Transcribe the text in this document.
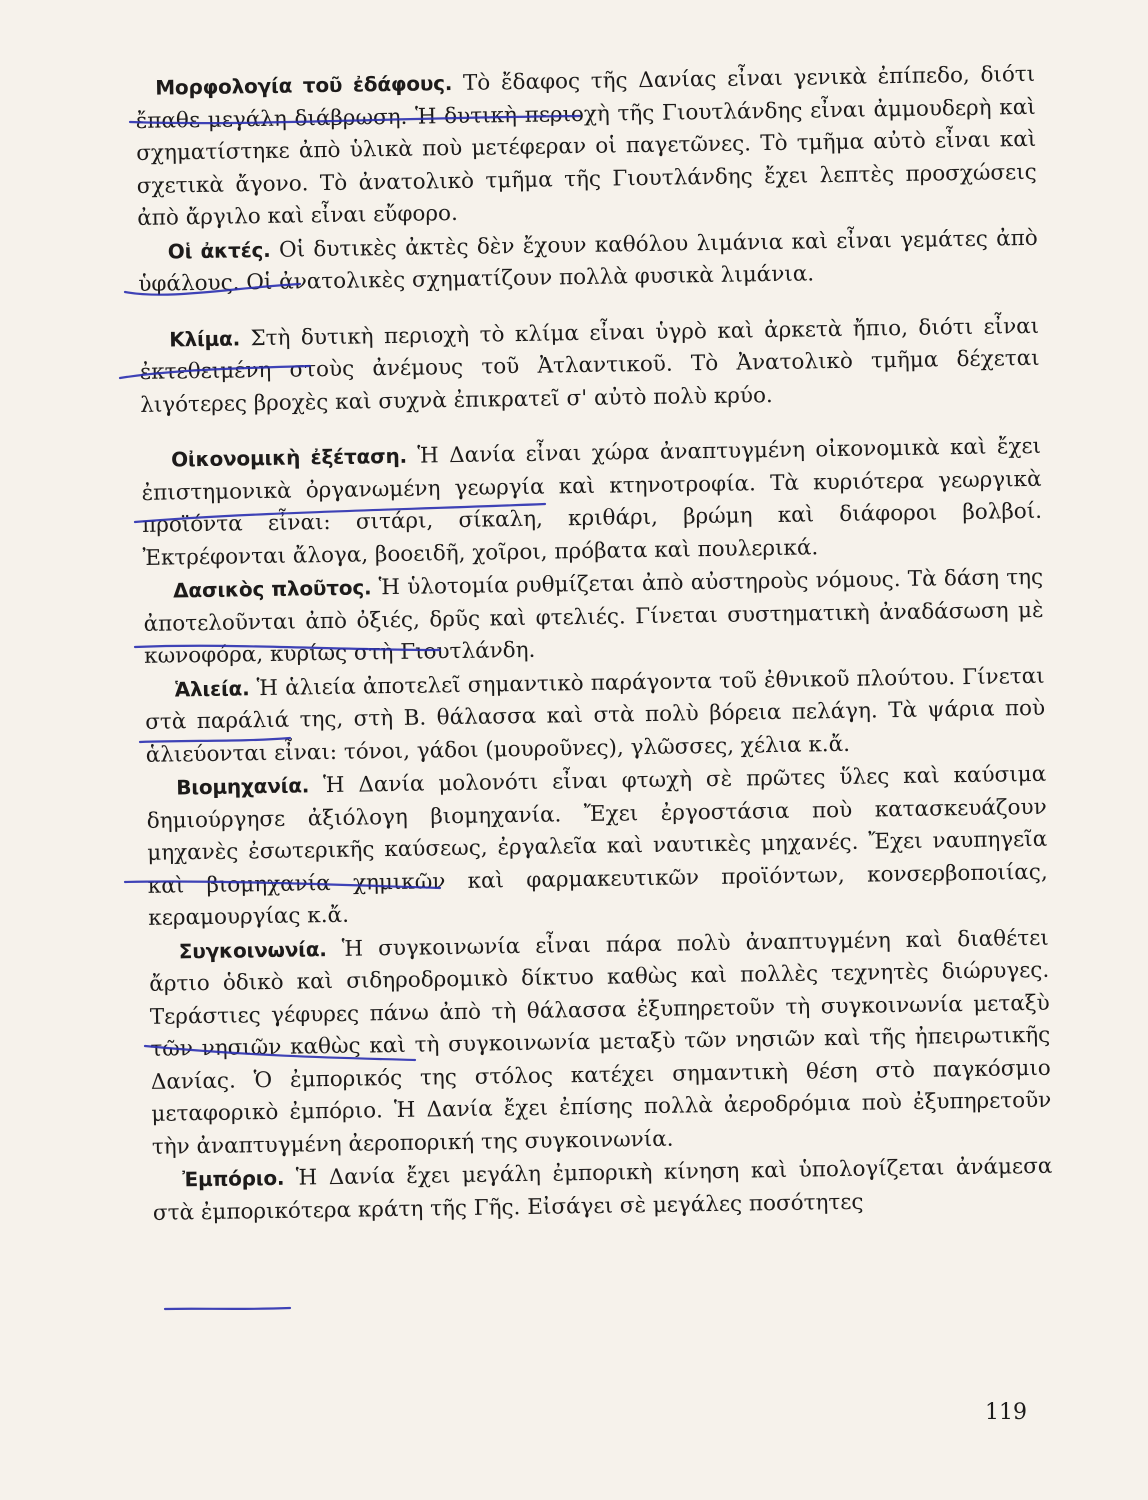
Μορφολογία τοῦ ἐδάφους. Τὸ ἔδαφος τῆς Δανίας εἶναι γενικὰ ἐπίπεδο, διότι ἔπαθε μεγάλη διάβρωση. Ἡ δυτικὴ περιοχὴ τῆς Γιουτλάνδης εἶναι ἀμμουδερὴ καὶ σχηματίστηκε ἀπὸ ὑλικὰ ποὺ μετέφεραν οἱ παγετῶνες. Τὸ τμῆμα αὐτὸ εἶναι καὶ σχετικὰ ἄγονο. Τὸ ἀνατολικὸ τμῆμα τῆς Γιουτλάνδης ἔχει λεπτὲς προσχώσεις ἀπὸ ἄργιλο καὶ εἶναι εὔφορο.

Οἱ ἀκτές. Οἱ δυτικὲς ἀκτὲς δὲν ἔχουν καθόλου λιμάνια καὶ εἶναι γεμάτες ἀπὸ ὑφάλους. Οἱ ἀνατολικὲς σχηματίζουν πολλὰ φυσικὰ λιμάνια.

Κλίμα. Στὴ δυτικὴ περιοχὴ τὸ κλίμα εἶναι ὑγρὸ καὶ ἀρκετὰ ἤπιο, διότι εἶναι ἐκτεθειμένη στοὺς ἀνέμους τοῦ Ἀτλαντικοῦ. Τὸ Ἀνατολικὸ τμῆμα δέχεται λιγότερες βροχὲς καὶ συχνὰ ἐπικρατεῖ σ' αὐτὸ πολὺ κρύο.

Οἰκονομικὴ ἐξέταση. Ἡ Δανία εἶναι χώρα ἀναπτυγμένη οἰκονομικὰ καὶ ἔχει ἐπιστημονικὰ ὀργανωμένη γεωργία καὶ κτηνοτροφία. Τὰ κυριότερα γεωργικὰ προϊόντα εἶναι: σιτάρι, σίκαλη, κριθάρι, βρώμη καὶ διάφοροι βολβοί. Ἐκτρέφονται ἄλογα, βοοειδῆ, χοῖροι, πρόβατα καὶ πουλερικά.

Δασικὸς πλοῦτος. Ἡ ὑλοτομία ρυθμίζεται ἀπὸ αὐστηροὺς νόμους. Τὰ δάση της ἀποτελοῦνται ἀπὸ ὀξιές, δρῦς καὶ φτελιές. Γίνεται συστηματικὴ ἀναδάσωση μὲ κωνοφόρα, κυρίως στὴ Γιουτλάνδη.

Ἁλιεία. Ἡ ἁλιεία ἀποτελεῖ σημαντικὸ παράγοντα τοῦ ἐθνικοῦ πλούτου. Γίνεται στὰ παράλιά της, στὴ Β. θάλασσα καὶ στὰ πολὺ βόρεια πελάγη. Τὰ ψάρια ποὺ ἁλιεύονται εἶναι: τόνοι, γάδοι (μουροῦνες), γλῶσσες, χέλια κ.ἄ.

Βιομηχανία. Ἡ Δανία μολονότι εἶναι φτωχὴ σὲ πρῶτες ὕλες καὶ καύσιμα δημιούργησε ἀξιόλογη βιομηχανία. Ἔχει ἐργοστάσια ποὺ κατασκευάζουν μηχανὲς ἐσωτερικῆς καύσεως, ἐργαλεῖα καὶ ναυτικὲς μηχανές. Ἔχει ναυπηγεῖα καὶ βιομηχανία χημικῶν καὶ φαρμακευτικῶν προϊόντων, κονσερβοποιίας, κεραμουργίας κ.ἄ.

Συγκοινωνία. Ἡ συγκοινωνία εἶναι πάρα πολὺ ἀναπτυγμένη καὶ διαθέτει ἄρτιο ὁδικὸ καὶ σιδηροδρομικὸ δίκτυο καθὼς καὶ πολλὲς τεχνητὲς διώρυγες. Τεράστιες γέφυρες πάνω ἀπὸ τὴ θάλασσα ἐξυπηρετοῦν τὴ συγκοινωνία μεταξὺ τῶν νησιῶν καθὼς καὶ τὴ συγκοινωνία μεταξὺ τῶν νησιῶν καὶ τῆς ἠπειρωτικῆς Δανίας. Ὁ ἐμπορικός της στόλος κατέχει σημαντικὴ θέση στὸ παγκόσμιο μεταφορικὸ ἐμπόριο. Ἡ Δανία ἔχει ἐπίσης πολλὰ ἀεροδρόμια ποὺ ἐξυπηρετοῦν τὴν ἀναπτυγμένη ἀεροπορική της συγκοινωνία.

Ἐμπόριο. Ἡ Δανία ἔχει μεγάλη ἐμπορικὴ κίνηση καὶ ὑπολογίζεται ἀνάμεσα στὰ ἐμπορικότερα κράτη τῆς Γῆς. Εἰσάγει σὲ μεγάλες ποσότητες

119
